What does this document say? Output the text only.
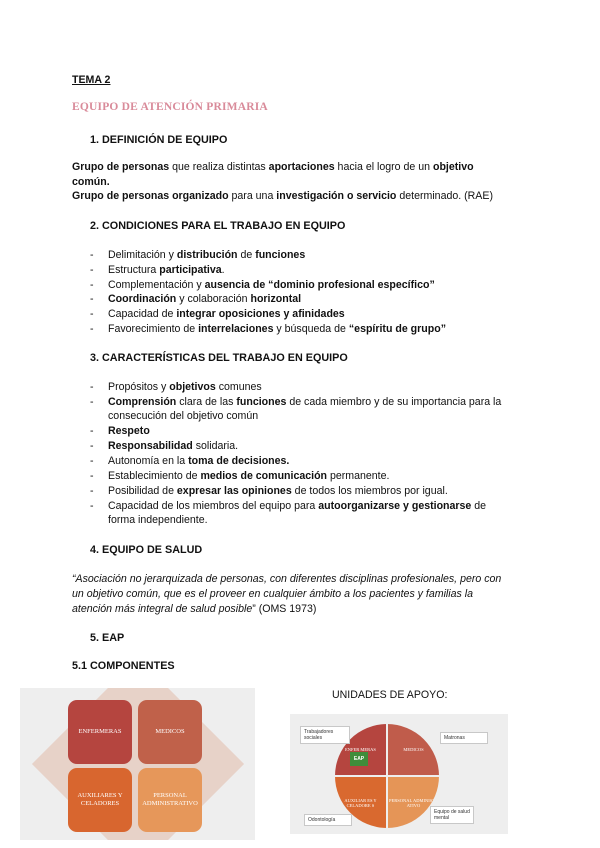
TEMA 2
EQUIPO DE ATENCIÓN PRIMARIA
1. DEFINICIÓN DE EQUIPO
Grupo de personas que realiza distintas aportaciones hacia el logro de un objetivo
común.
Grupo de personas organizado para una investigación o servicio determinado. (RAE)
2. CONDICIONES PARA EL TRABAJO EN EQUIPO
- Delimitación y distribución de funciones
- Estructura participativa.
- Complementación y ausencia de “dominio profesional específico”
- Coordinación y colaboración horizontal
- Capacidad de integrar oposiciones y afinidades
- Favorecimiento de interrelaciones y búsqueda de “espíritu de grupo”
3. CARACTERÍSTICAS DEL TRABAJO EN EQUIPO
- Propósitos y objetivos comunes
- Comprensión clara de las funciones de cada miembro y de su importancia para la
consecución del objetivo común
- Respeto
- Responsabilidad solidaria.
- Autonomía en la toma de decisiones.
- Establecimiento de medios de comunicación permanente.
- Posibilidad de expresar las opiniones de todos los miembros por igual.
- Capacidad de los miembros del equipo para autoorganizarse y gestionarse de
forma independiente.
4. EQUIPO DE SALUD
“Asociación no jerarquizada de personas, con diferentes disciplinas profesionales, pero con
un objetivo común, que es el proveer en cualquier ámbito a los pacientes y familias la
atención más integral de salud posible” (OMS 1973)
5. EAP
5.1 COMPONENTES
UNIDADES DE APOYO:
ENFERMERAS	MEDICOS
AUXILIARES Y CELADORES
PERSONAL ADMINISTRATIVO
ENFER MERAS	MEDICOS
AUXILIAR ES Y CELADORE S
PERSONAL ADMINISTR ATIVO
EAP
Trabajadores sociales	Matronas
Odontología
Equipo de salud mental
